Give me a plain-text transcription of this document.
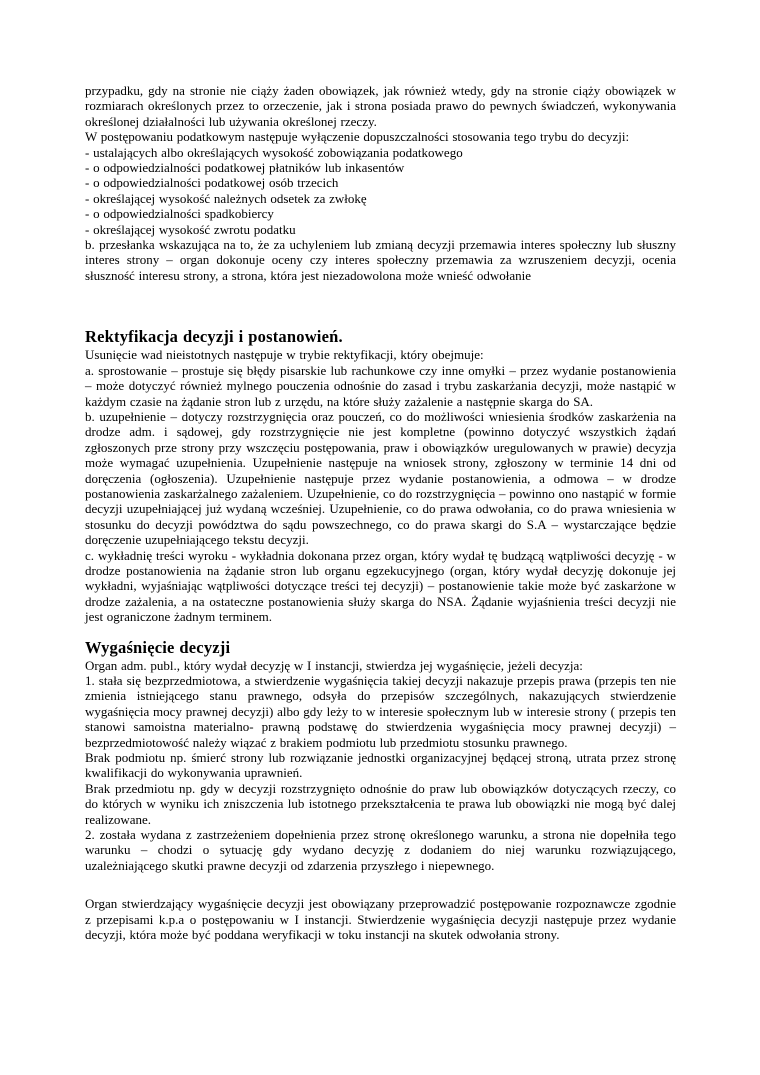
przypadku, gdy na stronie nie ciąży żaden obowiązek, jak również wtedy, gdy na stronie ciąży obowiązek w rozmiarach określonych przez to orzeczenie, jak i strona posiada prawo do pewnych świadczeń, wykonywania określonej działalności lub używania określonej rzeczy.

W postępowaniu podatkowym następuje wyłączenie dopuszczalności stosowania tego trybu do decyzji:

- ustalających albo określających wysokość zobowiązania podatkowego

- o odpowiedzialności podatkowej płatników lub inkasentów

- o odpowiedzialności podatkowej osób trzecich

- określającej wysokość należnych odsetek za zwłokę

- o odpowiedzialności spadkobiercy

- określającej wysokość zwrotu podatku

b. przesłanka wskazująca na to, że za uchyleniem lub zmianą decyzji przemawia interes społeczny lub słuszny interes strony – organ dokonuje oceny czy interes społeczny przemawia za wzruszeniem decyzji, ocenia słuszność interesu strony, a strona, która jest niezadowolona może wnieść odwołanie

Rektyfikacja decyzji i postanowień.

Usunięcie wad nieistotnych następuje w trybie rektyfikacji, który obejmuje:

a. sprostowanie – prostuje się błędy pisarskie lub rachunkowe czy inne omyłki – przez wydanie postanowienia – może dotyczyć również mylnego pouczenia odnośnie do zasad i trybu zaskarżania decyzji, może nastąpić w każdym czasie na żądanie stron lub z urzędu, na które służy zażalenie a następnie skarga do SA.

b. uzupełnienie – dotyczy rozstrzygnięcia oraz pouczeń, co do możliwości wniesienia środków zaskarżenia na drodze adm. i sądowej, gdy rozstrzygnięcie nie jest kompletne (powinno dotyczyć wszystkich żądań zgłoszonych prze strony przy wszczęciu postępowania, praw i obowiązków uregulowanych w prawie) decyzja może wymagać uzupełnienia. Uzupełnienie następuje na wniosek strony, zgłoszony w terminie 14 dni od doręczenia (ogłoszenia). Uzupełnienie następuje przez wydanie postanowienia, a odmowa – w drodze postanowienia zaskarżalnego zażaleniem. Uzupełnienie, co do rozstrzygnięcia – powinno ono nastąpić w formie decyzji uzupełniającej już wydaną wcześniej. Uzupełnienie, co do prawa odwołania, co do prawa wniesienia w stosunku do decyzji powództwa do sądu powszechnego, co do prawa skargi do S.A – wystarczające będzie doręczenie uzupełniającego tekstu decyzji.

c. wykładnię treści wyroku - wykładnia dokonana przez organ, który wydał tę budzącą wątpliwości decyzję - w drodze postanowienia na żądanie stron lub organu egzekucyjnego (organ, który wydał decyzję dokonuje jej wykładni, wyjaśniając wątpliwości dotyczące treści tej decyzji) – postanowienie takie może być zaskarżone w drodze zażalenia, a na ostateczne postanowienia służy skarga do NSA. Żądanie wyjaśnienia treści decyzji nie jest ograniczone żadnym terminem.

Wygaśnięcie decyzji

Organ adm. publ., który wydał decyzję w I instancji, stwierdza jej wygaśnięcie, jeżeli decyzja:

1. stała się bezprzedmiotowa, a stwierdzenie wygaśnięcia takiej decyzji nakazuje przepis prawa (przepis ten nie zmienia istniejącego stanu prawnego, odsyła do przepisów szczególnych, nakazujących stwierdzenie wygaśnięcia mocy prawnej decyzji) albo gdy leży to w interesie społecznym lub w interesie strony ( przepis ten stanowi samoistna materialno- prawną podstawę do stwierdzenia wygaśnięcia mocy prawnej decyzji) – bezprzedmiotowość należy wiązać z brakiem podmiotu lub przedmiotu stosunku prawnego.

Brak podmiotu np. śmierć strony lub rozwiązanie jednostki organizacyjnej będącej stroną, utrata przez stronę kwalifikacji do wykonywania uprawnień.

Brak przedmiotu np. gdy w decyzji rozstrzygnięto odnośnie do praw lub obowiązków dotyczących rzeczy, co do których w wyniku ich zniszczenia lub istotnego przekształcenia te prawa lub obowiązki nie mogą być dalej realizowane.

2. została wydana z zastrzeżeniem dopełnienia przez stronę określonego warunku, a strona nie dopełniła tego warunku – chodzi o sytuację gdy wydano decyzję z dodaniem do niej warunku rozwiązującego, uzależniającego skutki prawne decyzji od zdarzenia przyszłego i niepewnego.

Organ stwierdzający wygaśnięcie decyzji jest obowiązany przeprowadzić postępowanie rozpoznawcze zgodnie z przepisami k.p.a o postępowaniu w I instancji. Stwierdzenie wygaśnięcia decyzji następuje przez wydanie decyzji, która może być poddana weryfikacji w toku instancji na skutek odwołania strony.
